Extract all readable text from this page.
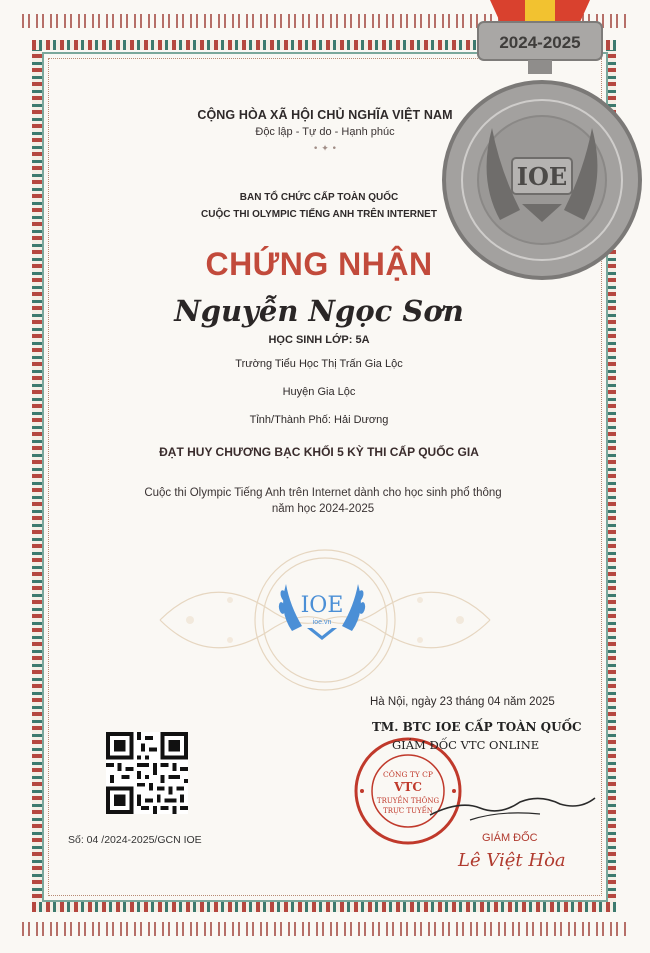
CỘNG HÒA XÃ HỘI CHỦ NGHĨA VIỆT NAM

Độc lập - Tự do - Hạnh phúc

• ✦ •

BAN TỔ CHỨC CẤP TOÀN QUỐC

CUỘC THI OLYMPIC TIẾNG ANH TRÊN INTERNET

CHỨNG NHẬN

Nguyễn Ngọc Sơn

HỌC SINH LỚP: 5A

Trường Tiểu Học Thị Trấn Gia Lộc

Huyện Gia Lộc

Tỉnh/Thành Phố: Hải Dương

ĐẠT HUY CHƯƠNG BẠC KHỐI 5 KỲ THI CẤP QUỐC GIA

Cuộc thi Olympic Tiếng Anh trên Internet dành cho học sinh phổ thông

năm học 2024-2025

IOE
ioe.vn
Hà Nội, ngày 23 tháng 04 năm 2025
CÔNG TY CP
VTC
TRUYỀN THÔNG
TRỰC TUYẾN
TM. BTC IOE CẤP TOÀN QUỐC
GIÁM ĐỐC VTC ONLINE
GIÁM ĐỐC
Lê Việt Hòa
Số: 04 /2024-2025/GCN IOE
2024-2025
IOE
